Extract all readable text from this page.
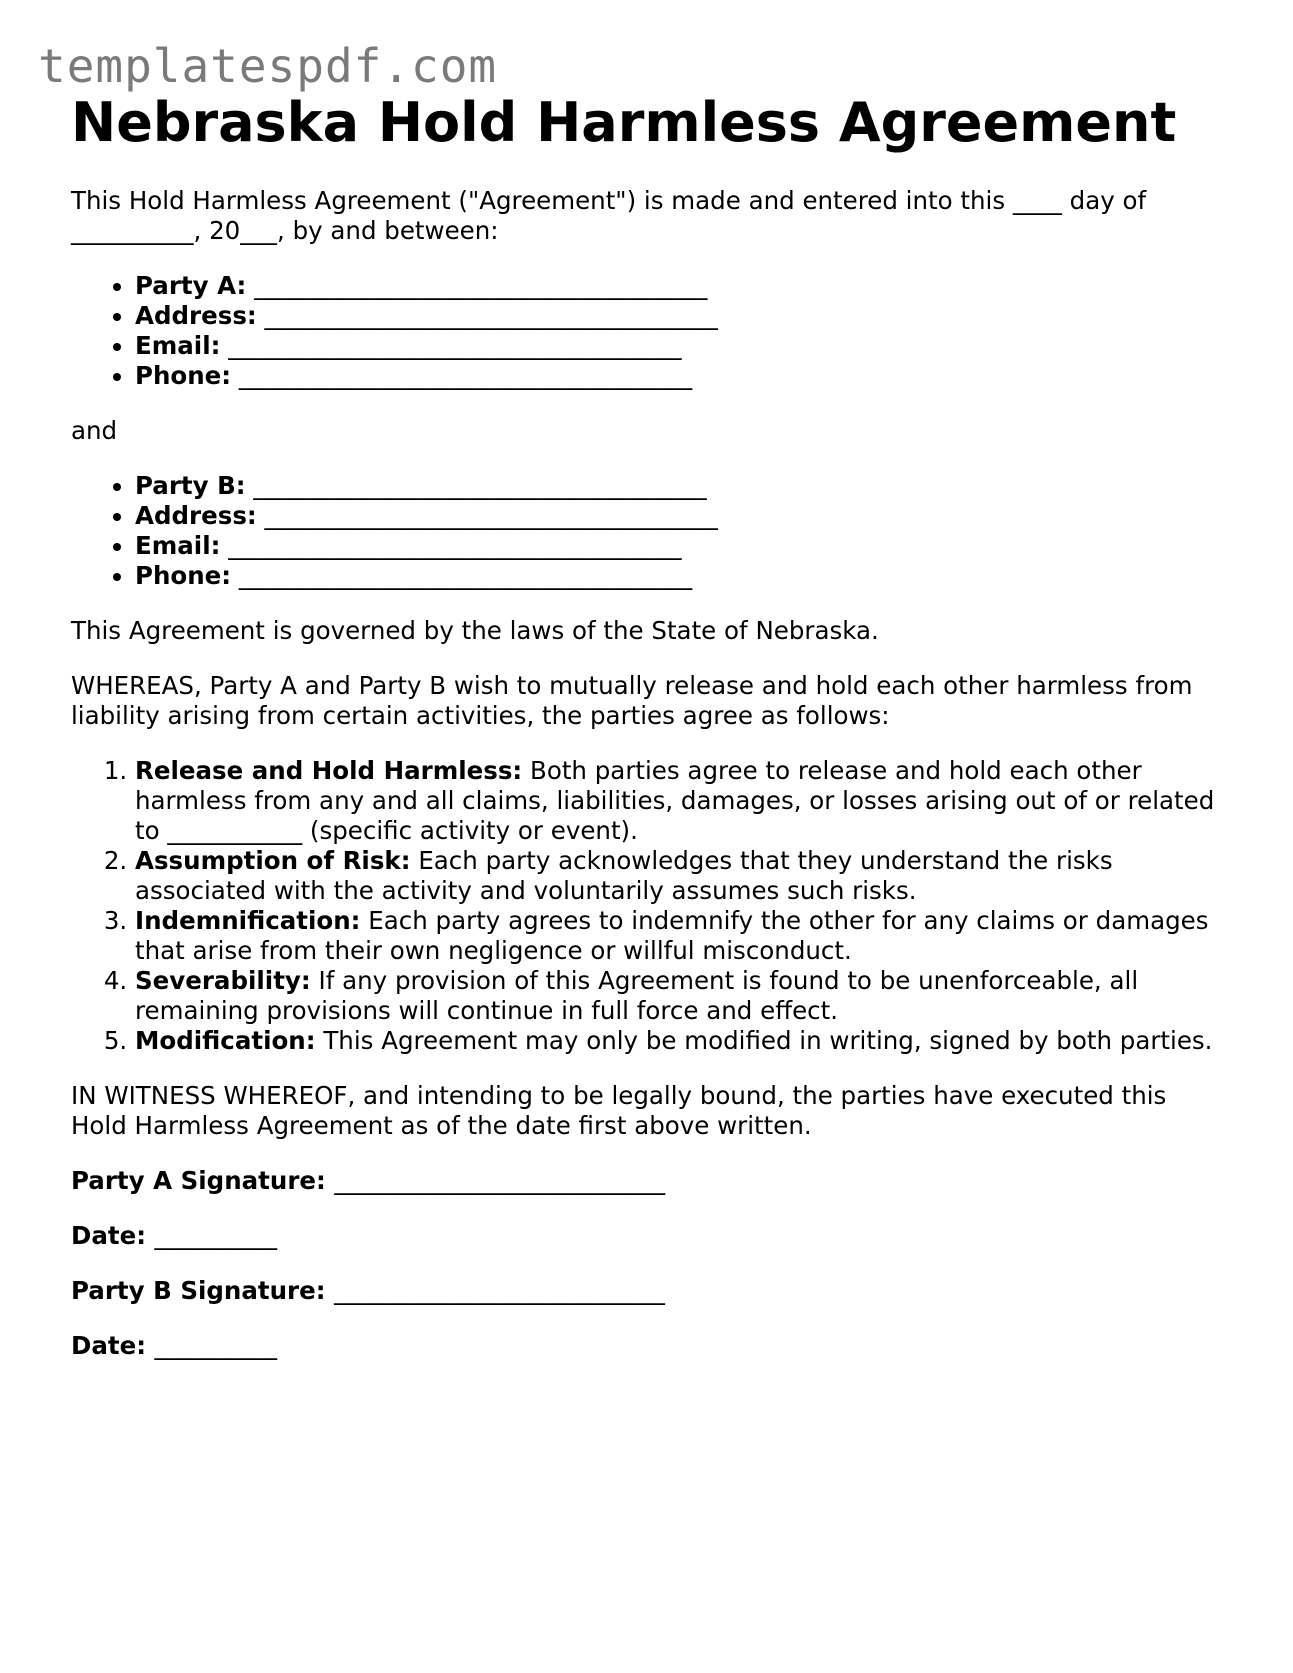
templatespdf.com
Nebraska Hold Harmless Agreement

This Hold Harmless Agreement ("Agreement") is made and entered into this ____ day of __________, 20___, by and between:

• Party A: _____________________________________
• Address: _____________________________________
• Email: _____________________________________
• Phone: _____________________________________

and

• Party B: _____________________________________
• Address: _____________________________________
• Email: _____________________________________
• Phone: _____________________________________

This Agreement is governed by the laws of the State of Nebraska.

WHEREAS, Party A and Party B wish to mutually release and hold each other harmless from liability arising from certain activities, the parties agree as follows:

1. Release and Hold Harmless: Both parties agree to release and hold each other harmless from any and all claims, liabilities, damages, or losses arising out of or related to ___________ (specific activity or event).
2. Assumption of Risk: Each party acknowledges that they understand the risks associated with the activity and voluntarily assumes such risks.
3. Indemnification: Each party agrees to indemnify the other for any claims or damages that arise from their own negligence or willful misconduct.
4. Severability: If any provision of this Agreement is found to be unenforceable, all remaining provisions will continue in full force and effect.
5. Modification: This Agreement may only be modified in writing, signed by both parties.

IN WITNESS WHEREOF, and intending to be legally bound, the parties have executed this Hold Harmless Agreement as of the date first above written.

Party A Signature: ___________________________

Date: __________

Party B Signature: ___________________________

Date: __________
